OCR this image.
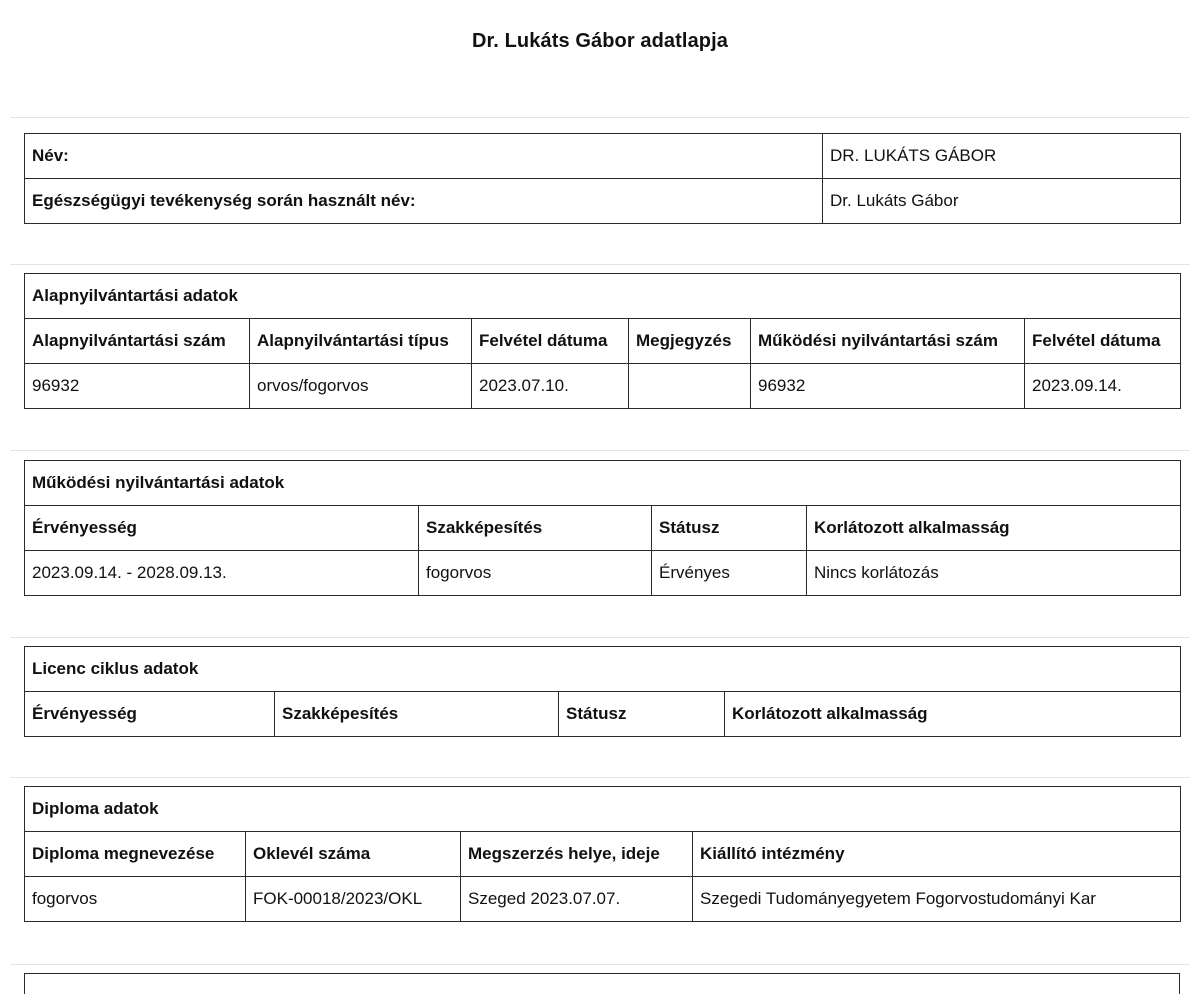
Dr. Lukáts Gábor adatlapja
Név:	DR. LUKÁTS GÁBOR
Egészségügyi tevékenység során használt név:	Dr. Lukáts Gábor
Alapnyilvántartási adatok					
Alapnyilvántartási szám	Alapnyilvántartási típus	Felvétel dátuma	Megjegyzés	Működési nyilvántartási szám	Felvétel dátuma
96932	orvos/fogorvos	2023.07.10.		96932	2023.09.14.
Működési nyilvántartási adatok			
Érvényesség	Szakképesítés	Státusz	Korlátozott alkalmasság
2023.09.14. - 2028.09.13.	fogorvos	Érvényes	Nincs korlátozás
Licenc ciklus adatok
Érvényesség	Szakképesítés	Státusz	Korlátozott alkalmasság
Diploma adatok			
Diploma megnevezése	Oklevél száma	Megszerzés helye, ideje	Kiállító intézmény
fogorvos	FOK-00018/2023/OKL	Szeged 2023.07.07.	Szegedi Tudományegyetem Fogorvostudományi Kar
